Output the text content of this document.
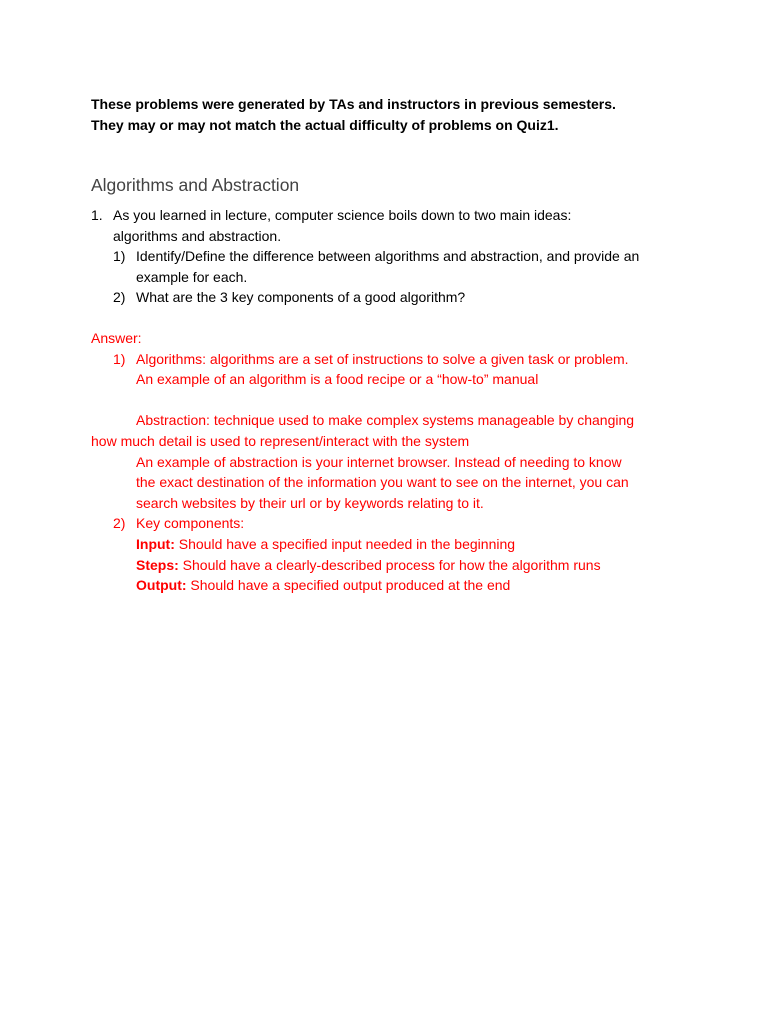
These problems were generated by TAs and instructors in previous semesters.
They may or may not match the actual difficulty of problems on Quiz1.
Algorithms and Abstraction
1. As you learned in lecture, computer science boils down to two main ideas:
algorithms and abstraction.
1) Identify/Define the difference between algorithms and abstraction, and provide an
example for each.
2) What are the 3 key components of a good algorithm?
Answer:
1) Algorithms: algorithms are a set of instructions to solve a given task or problem.
An example of an algorithm is a food recipe or a “how-to” manual
Abstraction: technique used to make complex systems manageable by changing
how much detail is used to represent/interact with the system
An example of abstraction is your internet browser. Instead of needing to know
the exact destination of the information you want to see on the internet, you can
search websites by their url or by keywords relating to it.
2) Key components:
Input: Should have a specified input needed in the beginning
Steps: Should have a clearly-described process for how the algorithm runs
Output: Should have a specified output produced at the end
